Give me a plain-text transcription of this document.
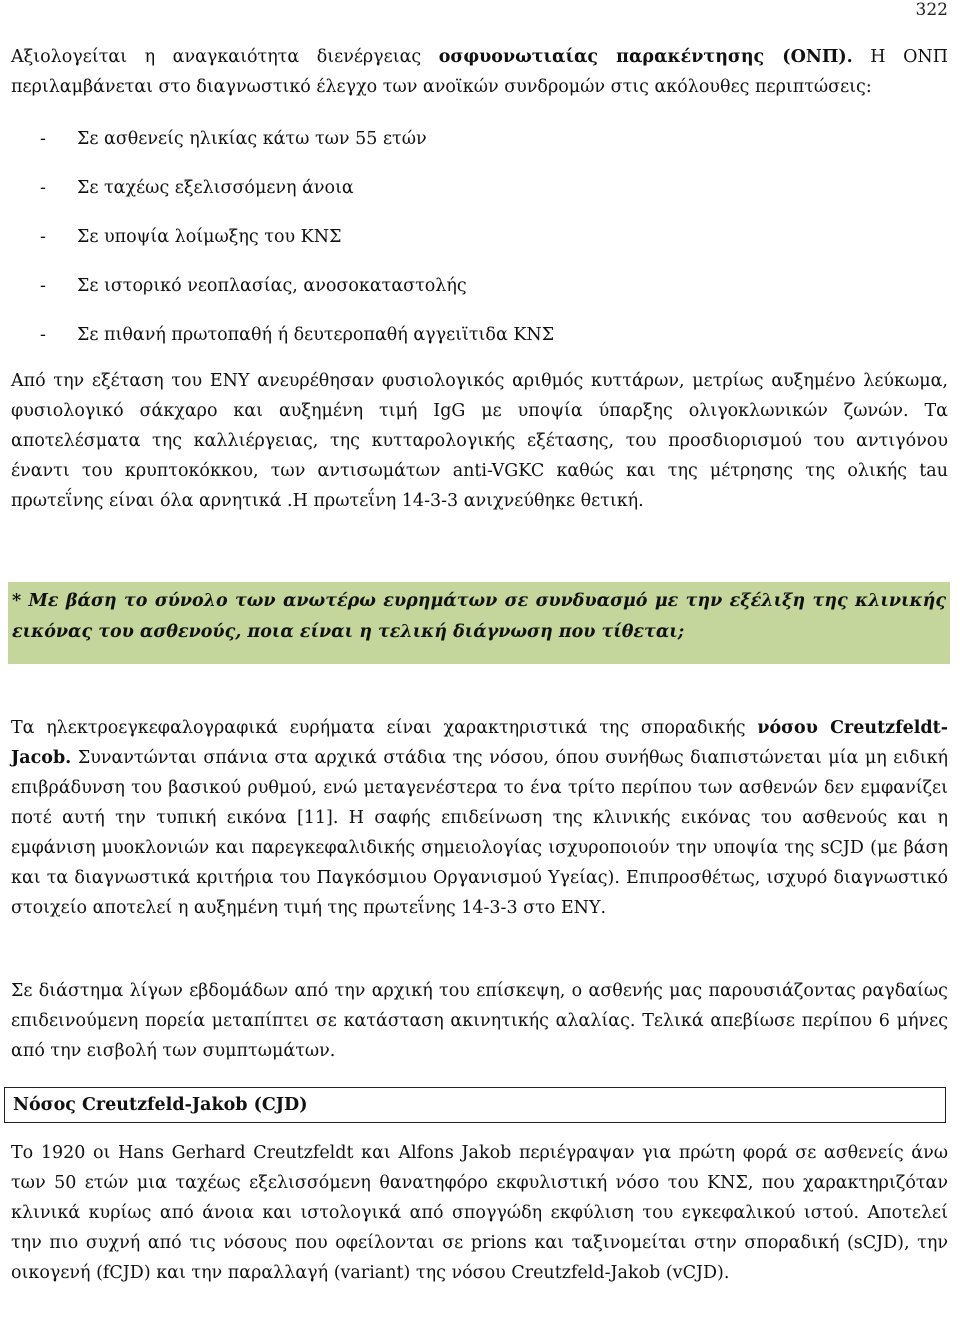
322

Αξιολογείται η αναγκαιότητα διενέργειας οσφυονωτιαίας παρακέντησης (ΟΝΠ). Η ΟΝΠ περιλαμβάνεται στο διαγνωστικό έλεγχο των ανοϊκών συνδρομών στις ακόλουθες περιπτώσεις:

- Σε ασθενείς ηλικίας κάτω των 55 ετών
- Σε ταχέως εξελισσόμενη άνοια
- Σε υποψία λοίμωξης του ΚΝΣ
- Σε ιστορικό νεοπλασίας, ανοσοκαταστολής
- Σε πιθανή πρωτοπαθή ή δευτεροπαθή αγγειϊτιδα ΚΝΣ

Από την εξέταση του ΕΝΥ ανευρέθησαν φυσιολογικός αριθμός κυττάρων, μετρίως αυξημένο λεύκωμα, φυσιολογικό σάκχαρο και αυξημένη τιμή IgG με υποψία ύπαρξης ολιγοκλωνικών ζωνών. Τα αποτελέσματα της καλλιέργειας, της κυτταρολογικής εξέτασης, του προσδιορισμού του αντιγόνου έναντι του κρυπτοκόκκου, των αντισωμάτων anti-VGKC καθώς και της μέτρησης της ολικής tau πρωτεΐνης είναι όλα αρνητικά .Η πρωτεΐνη 14-3-3 ανιχνεύθηκε θετική.

* Με βάση το σύνολο των ανωτέρω ευρημάτων σε συνδυασμό με την εξέλιξη της κλινικής εικόνας του ασθενούς, ποια είναι η τελική διάγνωση που τίθεται;

Τα ηλεκτροεγκεφαλογραφικά ευρήματα είναι χαρακτηριστικά της σποραδικής νόσου Creutzfeldt-Jacob. Συναντώνται σπάνια στα αρχικά στάδια της νόσου, όπου συνήθως διαπιστώνεται μία μη ειδική επιβράδυνση του βασικού ρυθμού, ενώ μεταγενέστερα το ένα τρίτο περίπου των ασθενών δεν εμφανίζει ποτέ αυτή την τυπική εικόνα [11]. Η σαφής επιδείνωση της κλινικής εικόνας του ασθενούς και η εμφάνιση μυοκλονιών και παρεγκεφαλιδικής σημειολογίας ισχυροποιούν την υποψία της sCJD (με βάση και τα διαγνωστικά κριτήρια του Παγκόσμιου Οργανισμού Υγείας). Επιπροσθέτως, ισχυρό διαγνωστικό στοιχείο αποτελεί η αυξημένη τιμή της πρωτεΐνης 14-3-3 στο ΕΝΥ.

Σε διάστημα λίγων εβδομάδων από την αρχική του επίσκεψη, ο ασθενής μας παρουσιάζοντας ραγδαίως επιδεινούμενη πορεία μεταπίπτει σε κατάσταση ακινητικής αλαλίας. Τελικά απεβίωσε περίπου 6 μήνες από την εισβολή των συμπτωμάτων.

Νόσος Creutzfeld-Jakob (CJD)

Το 1920 οι Hans Gerhard Creutzfeldt και Alfons Jakob περιέγραψαν για πρώτη φορά σε ασθενείς άνω των 50 ετών μια ταχέως εξελισσόμενη θανατηφόρο εκφυλιστική νόσο του ΚΝΣ, που χαρακτηριζόταν κλινικά κυρίως από άνοια και ιστολογικά από σπογγώδη εκφύλιση του εγκεφαλικού ιστού. Αποτελεί την πιο συχνή από τις νόσους που οφείλονται σε prions και ταξινομείται στην σποραδική (sCJD), την οικογενή (fCJD) και την παραλλαγή (variant) της νόσου Creutzfeld-Jakob (vCJD).
